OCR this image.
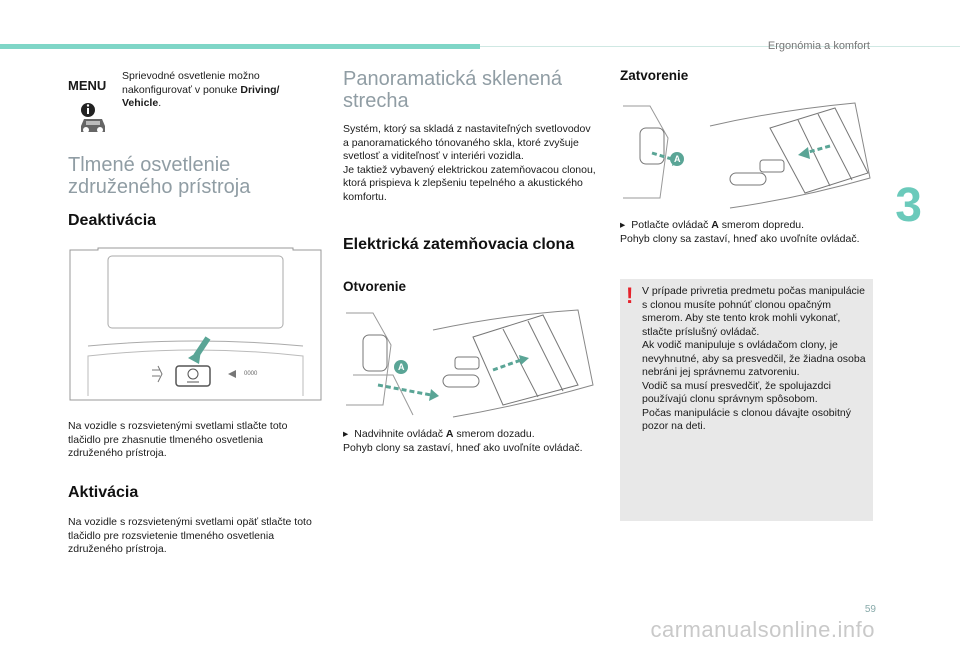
Ergonómia a komfort
MENU
Sprievodné osvetlenie možno nakonfigurovať v ponuke Driving/ Vehicle.
Tlmené osvetlenie združeného prístroja
Deaktivácia
0000
Na vozidle s rozsvietenými svetlami stlačte toto tlačidlo pre zhasnutie tlmeného osvetlenia združeného prístroja.
Aktivácia
Na vozidle s rozsvietenými svetlami opäť stlačte toto tlačidlo pre rozsvietenie tlmeného osvetlenia združeného prístroja.
Panoramatická sklenená strecha
Systém, ktorý sa skladá z nastaviteľných svetlovodov a panoramatického tónovaného skla, ktoré zvyšuje svetlosť a viditeľnosť v interiéri vozidla.
Je taktiež vybavený elektrickou zatemňovacou clonou, ktorá prispieva k zlepšeniu tepelného a akustického komfortu.
Elektrická zatemňovacia clona
Otvorenie
A
▸ Nadvihnite ovládač A smerom dozadu.
Pohyb clony sa zastaví, hneď ako uvoľníte ovládač.
Zatvorenie
A
▸ Potlačte ovládač A smerom dopredu.
Pohyb clony sa zastaví, hneď ako uvoľníte ovládač.
! V prípade privretia predmetu počas manipulácie s clonou musíte pohnúť clonou opačným smerom. Aby ste tento krok mohli vykonať, stlačte príslušný ovládač.
Ak vodič manipuluje s ovládačom clony, je nevyhnutné, aby sa presvedčil, že žiadna osoba nebráni jej správnemu zatvoreniu.
Vodič sa musí presvedčiť, že spolujazdci používajú clonu správnym spôsobom.
Počas manipulácie s clonou dávajte osobitný pozor na deti.
3
59
carmanualsonline.info
